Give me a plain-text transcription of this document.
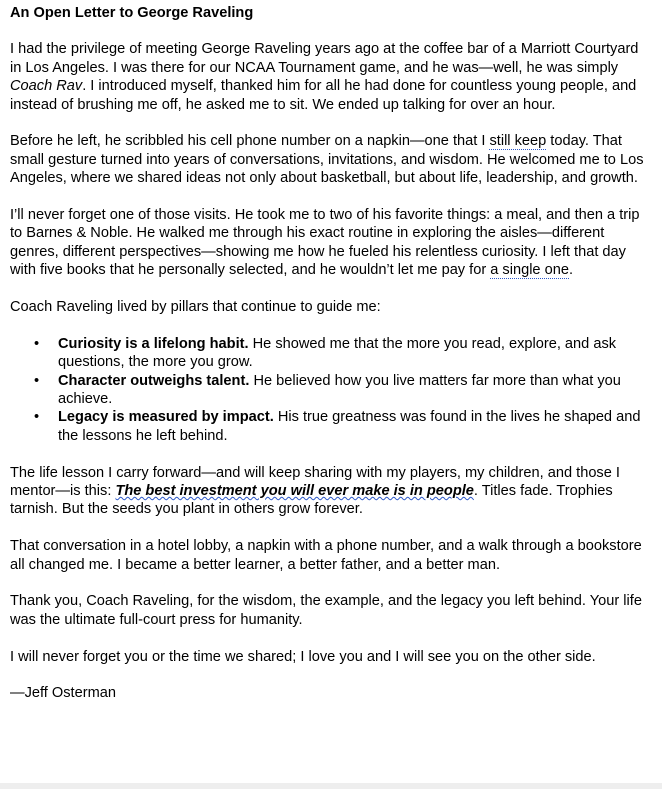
An Open Letter to George Raveling

I had the privilege of meeting George Raveling years ago at the coffee bar of a Marriott Courtyard in Los Angeles. I was there for our NCAA Tournament game, and he was—well, he was simply Coach Rav. I introduced myself, thanked him for all he had done for countless young people, and instead of brushing me off, he asked me to sit. We ended up talking for over an hour.

Before he left, he scribbled his cell phone number on a napkin—one that I still keep today. That small gesture turned into years of conversations, invitations, and wisdom. He welcomed me to Los Angeles, where we shared ideas not only about basketball, but about life, leadership, and growth.

I’ll never forget one of those visits. He took me to two of his favorite things: a meal, and then a trip to Barnes & Noble. He walked me through his exact routine in exploring the aisles—different genres, different perspectives—showing me how he fueled his relentless curiosity. I left that day with five books that he personally selected, and he wouldn’t let me pay for a single one.

Coach Raveling lived by pillars that continue to guide me:

• Curiosity is a lifelong habit. He showed me that the more you read, explore, and ask questions, the more you grow.
• Character outweighs talent. He believed how you live matters far more than what you achieve.
• Legacy is measured by impact. His true greatness was found in the lives he shaped and the lessons he left behind.

The life lesson I carry forward—and will keep sharing with my players, my children, and those I mentor—is this: The best investment you will ever make is in people. Titles fade. Trophies tarnish. But the seeds you plant in others grow forever.

That conversation in a hotel lobby, a napkin with a phone number, and a walk through a bookstore all changed me. I became a better learner, a better father, and a better man.

Thank you, Coach Raveling, for the wisdom, the example, and the legacy you left behind. Your life was the ultimate full-court press for humanity.

I will never forget you or the time we shared; I love you and I will see you on the other side.

—Jeff Osterman
